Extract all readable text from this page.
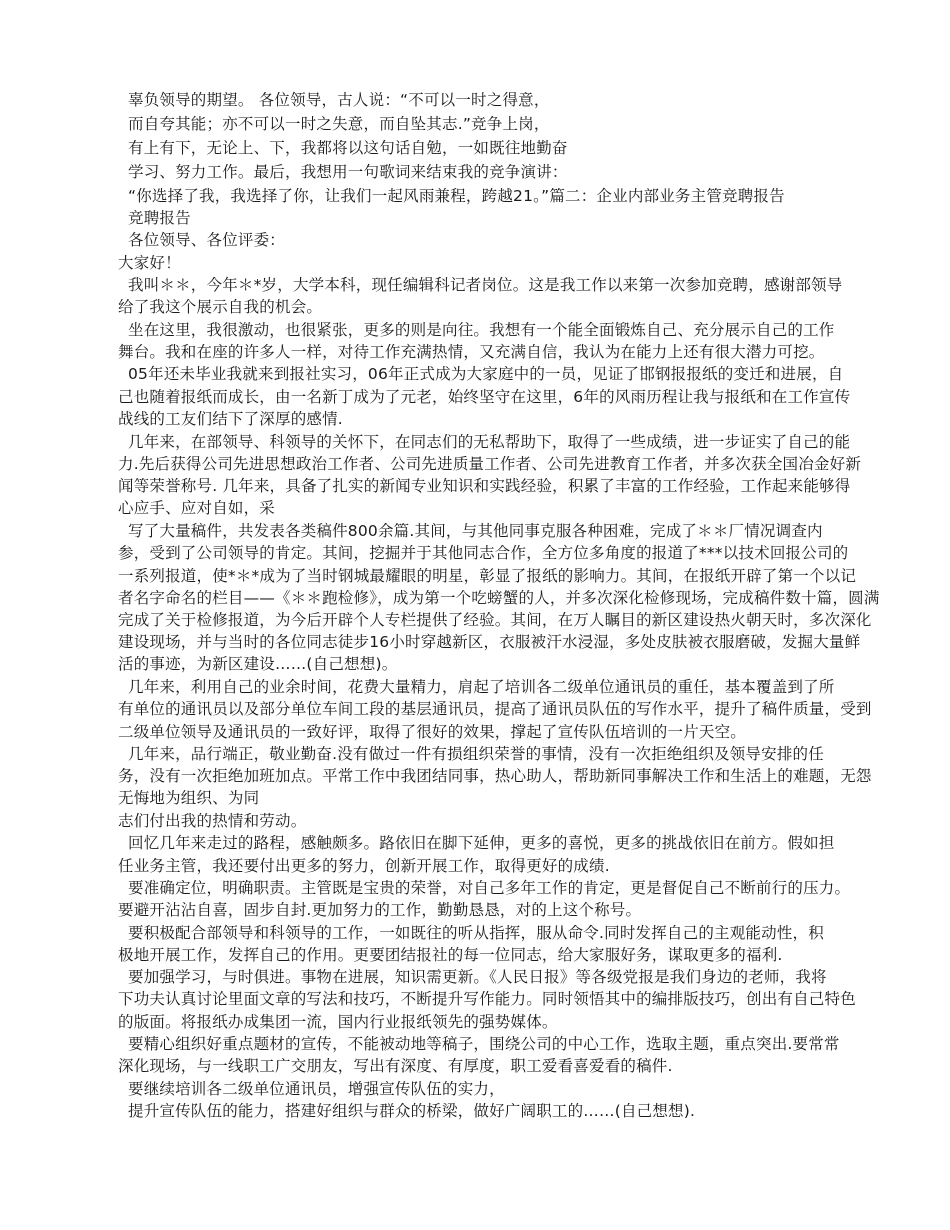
辜负领导的期望。 各位领导，古人说：“不可以一时之得意，

而自夸其能；亦不可以一时之失意，而自坠其志.”竞争上岗，

有上有下，无论上、下，我都将以这句话自勉，一如既往地勤奋

学习、努力工作。最后，我想用一句歌词来结束我的竞争演讲：

“你选择了我，我选择了你，让我们一起风雨兼程，跨越21。”篇二：企业内部业务主管竞聘报告

竞聘报告

各位领导、各位评委：

大家好！

我叫＊＊，今年＊*岁，大学本科，现任编辑科记者岗位。这是我工作以来第一次参加竞聘，感谢部领导

给了我这个展示自我的机会。

坐在这里，我很激动，也很紧张，更多的则是向往。我想有一个能全面锻炼自己、充分展示自己的工作

舞台。我和在座的许多人一样，对待工作充满热情，又充满自信，我认为在能力上还有很大潜力可挖。

05年还未毕业我就来到报社实习，06年正式成为大家庭中的一员，见证了邯钢报报纸的变迁和进展，自

己也随着报纸而成长，由一名新丁成为了元老，始终坚守在这里，6年的风雨历程让我与报纸和在工作宣传

战线的工友们结下了深厚的感情.

几年来，在部领导、科领导的关怀下，在同志们的无私帮助下，取得了一些成绩，进一步证实了自己的能

力.先后获得公司先进思想政治工作者、公司先进质量工作者、公司先进教育工作者，并多次获全国冶金好新

闻等荣誉称号. 几年来，具备了扎实的新闻专业知识和实践经验，积累了丰富的工作经验，工作起来能够得

心应手、应对自如，采

写了大量稿件，共发表各类稿件800余篇.其间，与其他同事克服各种困难，完成了＊＊厂情况调查内

参，受到了公司领导的肯定。其间，挖掘并于其他同志合作，全方位多角度的报道了***以技术回报公司的

一系列报道，使*＊*成为了当时钢城最耀眼的明星，彰显了报纸的影响力。其间，在报纸开辟了第一个以记

者名字命名的栏目——《＊＊跑检修》，成为第一个吃螃蟹的人，并多次深化检修现场，完成稿件数十篇，圆满

完成了关于检修报道，为今后开辟个人专栏提供了经验。其间，在万人瞩目的新区建设热火朝天时，多次深化

建设现场，并与当时的各位同志徒步16小时穿越新区，衣服被汗水浸湿，多处皮肤被衣服磨破，发掘大量鲜

活的事迹，为新区建设……(自己想想)。

几年来，利用自己的业余时间，花费大量精力，肩起了培训各二级单位通讯员的重任，基本覆盖到了所

有单位的通讯员以及部分单位车间工段的基层通讯员，提高了通讯员队伍的写作水平，提升了稿件质量，受到

二级单位领导及通讯员的一致好评，取得了很好的效果，撑起了宣传队伍培训的一片天空。

几年来，品行端正，敬业勤奋.没有做过一件有损组织荣誉的事情，没有一次拒绝组织及领导安排的任

务，没有一次拒绝加班加点。平常工作中我团结同事，热心助人，帮助新同事解决工作和生活上的难题，无怨

无悔地为组织、为同

志们付出我的热情和劳动。

回忆几年来走过的路程，感触颇多。路依旧在脚下延伸，更多的喜悦，更多的挑战依旧在前方。假如担

任业务主管，我还要付出更多的努力，创新开展工作，取得更好的成绩.

要准确定位，明确职责。主管既是宝贵的荣誉，对自己多年工作的肯定，更是督促自己不断前行的压力。

要避开沾沾自喜，固步自封.更加努力的工作，勤勤恳恳，对的上这个称号。

要积极配合部领导和科领导的工作，一如既往的听从指挥，服从命令.同时发挥自己的主观能动性，积

极地开展工作，发挥自己的作用。更要团结报社的每一位同志，给大家服好务，谋取更多的福利.

要加强学习，与时俱进。事物在进展，知识需更新。《人民日报》等各级党报是我们身边的老师，我将

下功夫认真讨论里面文章的写法和技巧，不断提升写作能力。同时领悟其中的编排版技巧，创出有自己特色

的版面。将报纸办成集团一流，国内行业报纸领先的强势媒体。

要精心组织好重点题材的宣传，不能被动地等稿子，围绕公司的中心工作，选取主题，重点突出.要常常

深化现场，与一线职工广交朋友，写出有深度、有厚度，职工爱看喜爱看的稿件.

要继续培训各二级单位通讯员，增强宣传队伍的实力，

提升宣传队伍的能力，搭建好组织与群众的桥梁，做好广阔职工的……(自己想想).
